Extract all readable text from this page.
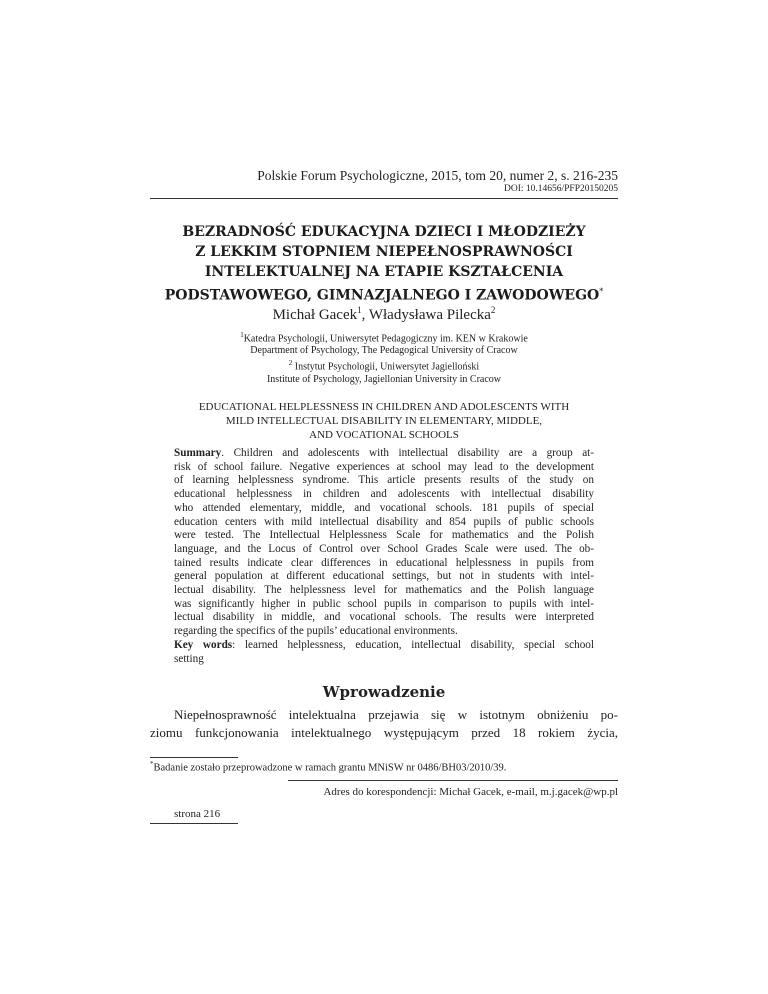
Polskie Forum Psychologiczne, 2015, tom 20, numer 2, s. 216-235
DOI: 10.14656/PFP20150205
BEZRADNOŚĆ EDUKACYJNA DZIECI I MŁODZIEŻY
Z LEKKIM STOPNIEM NIEPEŁNOSPRAWNOŚCI
INTELEKTUALNEJ NA ETAPIE KSZTAŁCENIA
PODSTAWOWEGO, GIMNAZJALNEGO I ZAWODOWEGO*
Michał Gacek$^1$, Władysława Pilecka$^2$
$^1$Katedra Psychologii, Uniwersytet Pedagogiczny im. KEN w Krakowie
Department of Psychology, The Pedagogical University of Cracow
$^2$ Instytut Psychologii, Uniwersytet Jagielloński
Institute of Psychology, Jagiellonian University in Cracow
EDUCATIONAL HELPLESSNESS IN CHILDREN AND ADOLESCENTS WITH
MILD INTELLECTUAL DISABILITY IN ELEMENTARY, MIDDLE,
AND VOCATIONAL SCHOOLS
Summary. Children and adolescents with intellectual disability are a group at-
risk of school failure. Negative experiences at school may lead to the development
of learning helplessness syndrome. This article presents results of the study on
educational helplessness in children and adolescents with intellectual disability
who attended elementary, middle, and vocational schools. 181 pupils of special
education centers with mild intellectual disability and 854 pupils of public schools
were tested. The Intellectual Helplessness Scale for mathematics and the Polish
language, and the Locus of Control over School Grades Scale were used. The ob-
tained results indicate clear differences in educational helplessness in pupils from
general population at different educational settings, but not in students with intel-
lectual disability. The helplessness level for mathematics and the Polish language
was significantly higher in public school pupils in comparison to pupils with intel-
lectual disability in middle, and vocational schools. The results were interpreted
regarding the specifics of the pupils’ educational environments.
Key words: learned helplessness, education, intellectual disability, special school
setting
Wprowadzenie
Niepełnosprawność intelektualna przejawia się w istotnym obniżeniu po-
ziomu funkcjonowania intelektualnego występującym przed 18 rokiem życia,
*Badanie zostało przeprowadzone w ramach grantu MNiSW nr 0486/BH03/2010/39.
Adres do korespondencji: Michał Gacek, e-mail, m.j.gacek@wp.pl
strona 216
